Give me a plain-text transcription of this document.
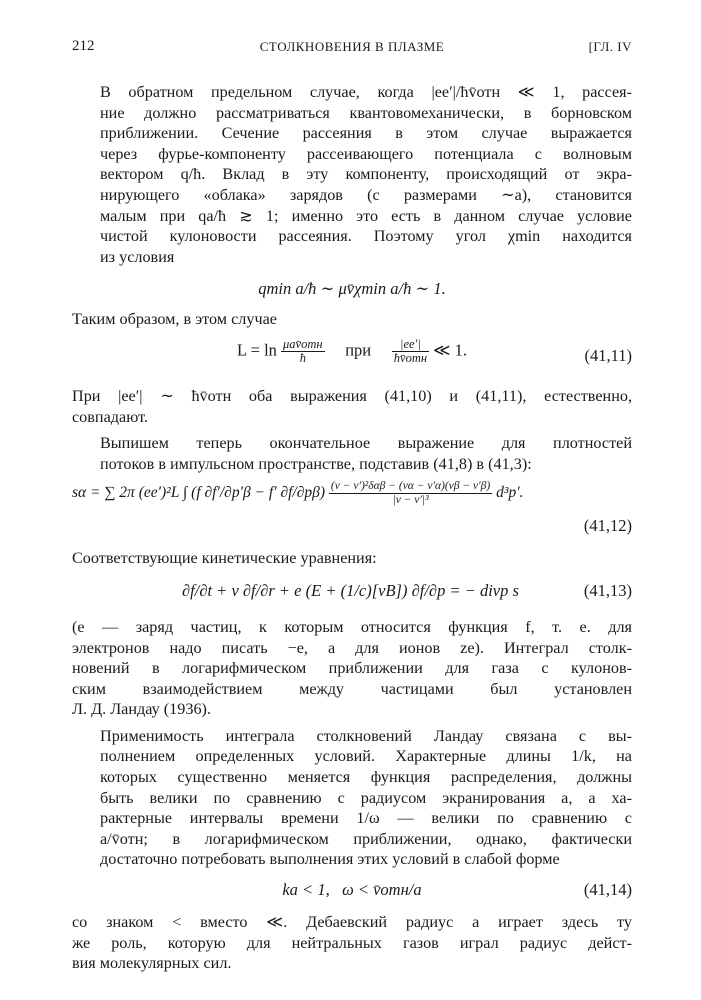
212	СТОЛКНОВЕНИЯ В ПЛАЗМЕ	[ГЛ. IV

В обратном предельном случае, когда |ee′|/ħv̄отн ≪ 1, рассея-
ние должно рассматриваться квантовомеханически, в борновском
приближении. Сечение рассеяния в этом случае выражается
через фурье-компоненту рассеивающего потенциала с волновым
вектором q/ħ. Вклад в эту компоненту, происходящий от экра-
нирующего «облака» зарядов (с размерами ∼a), становится
малым при qa/ħ ≳ 1; именно это есть в данном случае условие
чистой кулоновости рассеяния. Поэтому угол χmin находится
из условия

qmin a/ħ ∼ μv̄χmin a/ħ ∼ 1.

Таким образом, в этом случае

$L = \ln \frac{\text{μav̄отн}}{ħ}$ при $\frac{|ee'|}{\text{ħv̄отн}}$ ≪ 1.	(41,11)

При |ee′| ∼ ħv̄отн оба выражения (41,10) и (41,11), естественно,
совпадают.

Выпишем теперь окончательное выражение для плотностей
потоков в импульсном пространстве, подставив (41,8) в (41,3):

sα = ∑ 2π (ee′)²L ∫ (f ∂f′/∂p′β − f′ $\partial f/\partial p\beta) \frac{\text{(v − v′)²δαβ − (vα − v′α)(vβ − v′β)}}{\text{|v − v′|³}} d^3p'$.
(41,12)

Соответствующие кинетические уравнения:

∂f/∂t + v ∂f/∂r + e (E + (1/c)[vB]) ∂f/∂p = − divp s	(41,13)

(e — заряд частиц, к которым относится функция f, т. е. для
электронов надо писать −e, а для ионов ze). Интеграл столк-
новений в логарифмическом приближении для газа с кулонов-
ским взаимодействием между частицами был установлен
Л. Д. Ландау (1936).

Применимость интеграла столкновений Ландау связана с вы-
полнением определенных условий. Характерные длины 1/k, на
которых существенно меняется функция распределения, должны
быть велики по сравнению с радиусом экранирования a, а ха-
рактерные интервалы времени 1/ω — велики по сравнению с
a/v̄отн; в логарифмическом приближении, однако, фактически
достаточно потребовать выполнения этих условий в слабой форме

ka < 1,   ω < v̄отн/a	(41,14)

со знаком < вместо ≪. Дебаевский радиус a играет здесь ту
же роль, которую для нейтральных газов играл радиус дейст-
вия молекулярных сил.
